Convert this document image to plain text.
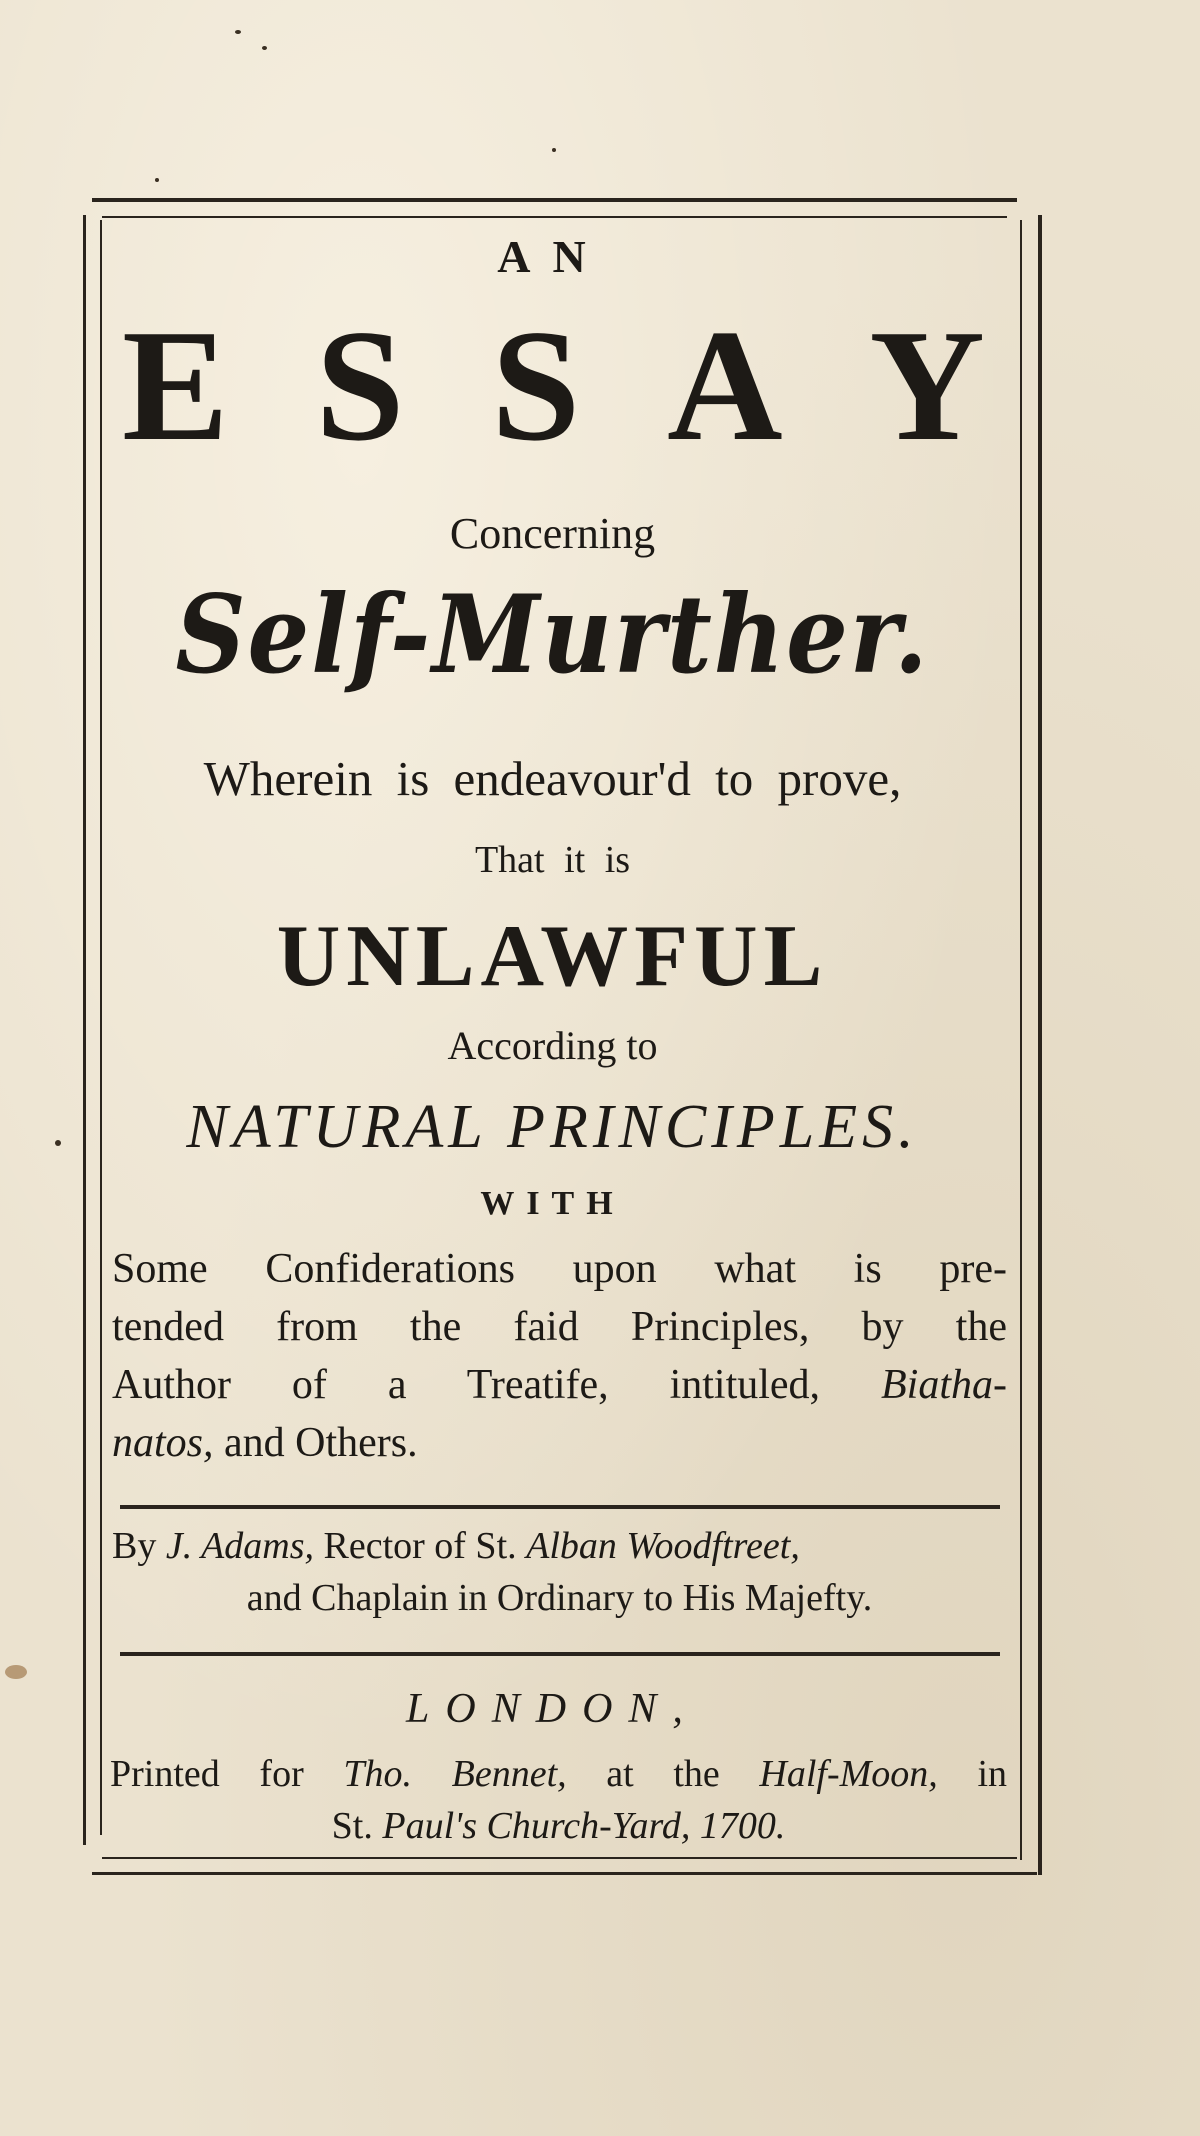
AN
E S S A Y
Concerning
Self-Murther.
Wherein is endeavour'd to prove,
That it is
UNLAWFUL
According to
NATURAL PRINCIPLES.
WITH
Some Confiderations upon what is pre-
tended from the faid Principles, by the
Author of a Treatife, intituled, Biatha-
natos, and Others.
By J. Adams, Rector of St. Alban Woodftreet,
and Chaplain in Ordinary to His Majefty.
LONDON,
Printed for Tho. Bennet, at the Half-Moon, in
St. Paul's Church-Yard, 1700.
